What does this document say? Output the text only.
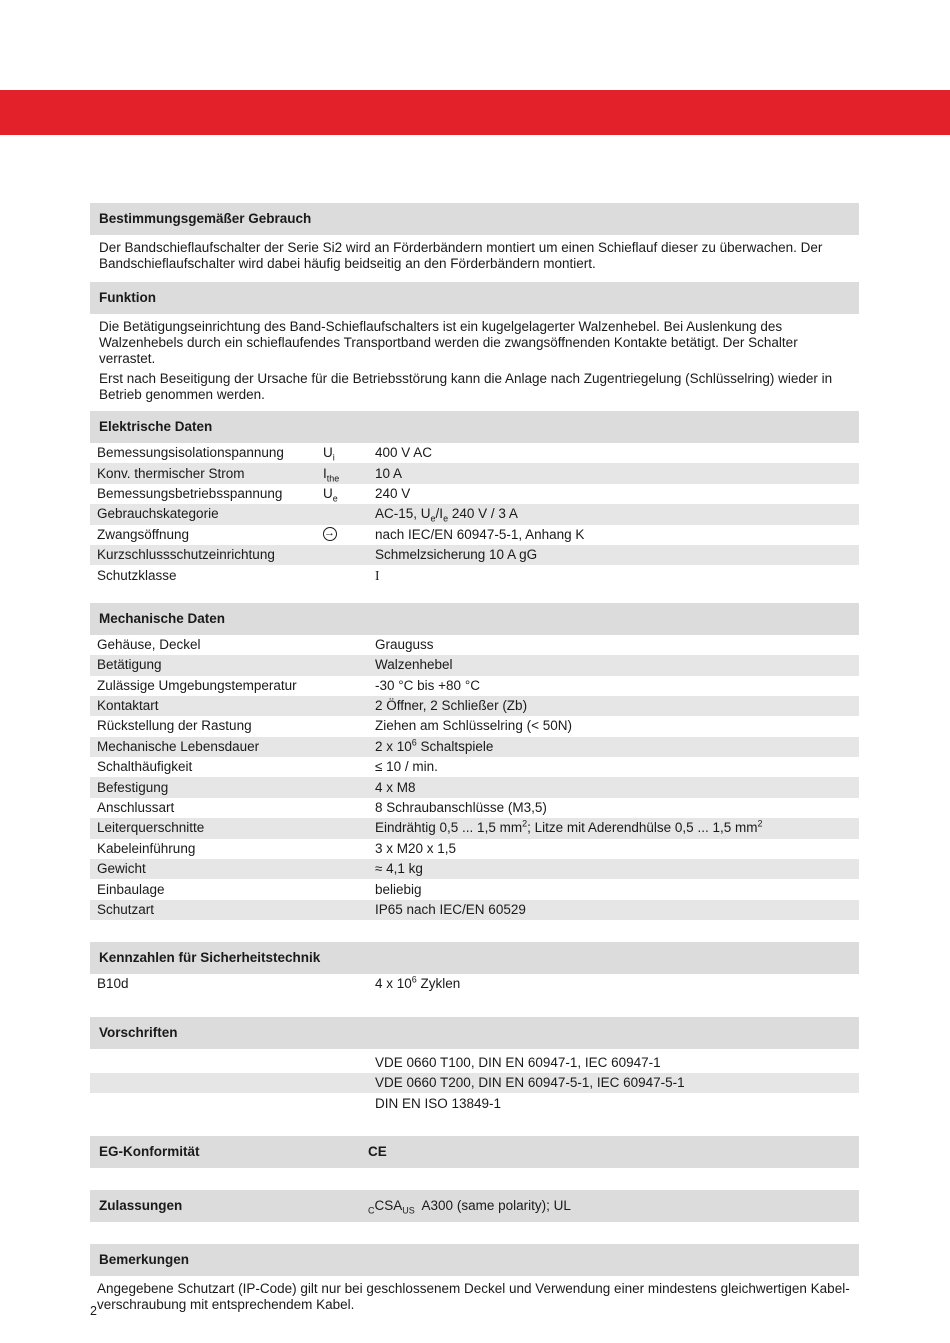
Bestimmungsgemäßer Gebrauch

Der Bandschieflaufschalter der Serie Si2 wird an Förderbändern montiert um einen Schieflauf dieser zu überwachen. Der Bandschieflaufschalter wird dabei häufig beidseitig an den Förderbändern montiert.

Funktion

Die Betätigungseinrichtung des Band-Schieflaufschalters ist ein kugelgelagerter Walzenhebel. Bei Auslenkung des Walzenhebels durch ein schieflaufendes Transportband werden die zwangsöffnenden Kontakte betätigt. Der Schalter verrastet.

Erst nach Beseitigung der Ursache für die Betriebsstörung kann die Anlage nach Zugentriegelung (Schlüsselring) wieder in Betrieb genommen werden.

Elektrische Daten
Bemessungsisolationspannung	$U_i$	400 V AC
Konv. thermischer Strom	$I_{the}$	10 A
Bemessungsbetriebsspannung	$U_e$	240 V
Gebrauchskategorie		AC-15, $U_e/I_e$ 240 V / 3 A
Zwangsöffnung	→	nach IEC/EN 60947-5-1, Anhang K
Kurzschlussschutzeinrichtung		Schmelzsicherung 10 A gG
Schutzklasse		I
Mechanische Daten
Gehäuse, Deckel		Grauguss
Betätigung		Walzenhebel
Zulässige Umgebungstemperatur		-30 °C bis +80 °C
Kontaktart		2 Öffner, 2 Schließer (Zb)
Rückstellung der Rastung		Ziehen am Schlüsselring (< 50N)
Mechanische Lebensdauer		2 x $10^6$ Schaltspiele
Schalthäufigkeit		≤ 10 / min.
Befestigung		4 x M8
Anschlussart		8 Schraubanschlüsse (M3,5)
Leiterquerschnitte		Eindrähtig 0,5 ... 1,5 $mm^2$; Litze mit Aderendhülse 0,5 ... 1,5 $mm^2$
Kabeleinführung		3 x M20 x 1,5
Gewicht		≈ 4,1 kg
Einbaulage		beliebig
Schutzart		IP65 nach IEC/EN 60529
Kennzahlen für Sicherheitstechnik
B10d		4 x $10^6$ Zyklen
Vorschriften
		VDE 0660 T100, DIN EN 60947-1, IEC 60947-1
		VDE 0660 T200, DIN EN 60947-5-1, IEC 60947-5-1
		DIN EN ISO 13849-1
EG-Konformität	CE
Zulassungen	$_CCSA_{US}$  A300 (same polarity); UL
Bemerkungen

Angegebene Schutzart (IP-Code) gilt nur bei geschlossenem Deckel und Verwendung einer mindestens gleichwertigen Kabel-verschraubung mit entsprechendem Kabel.

2
